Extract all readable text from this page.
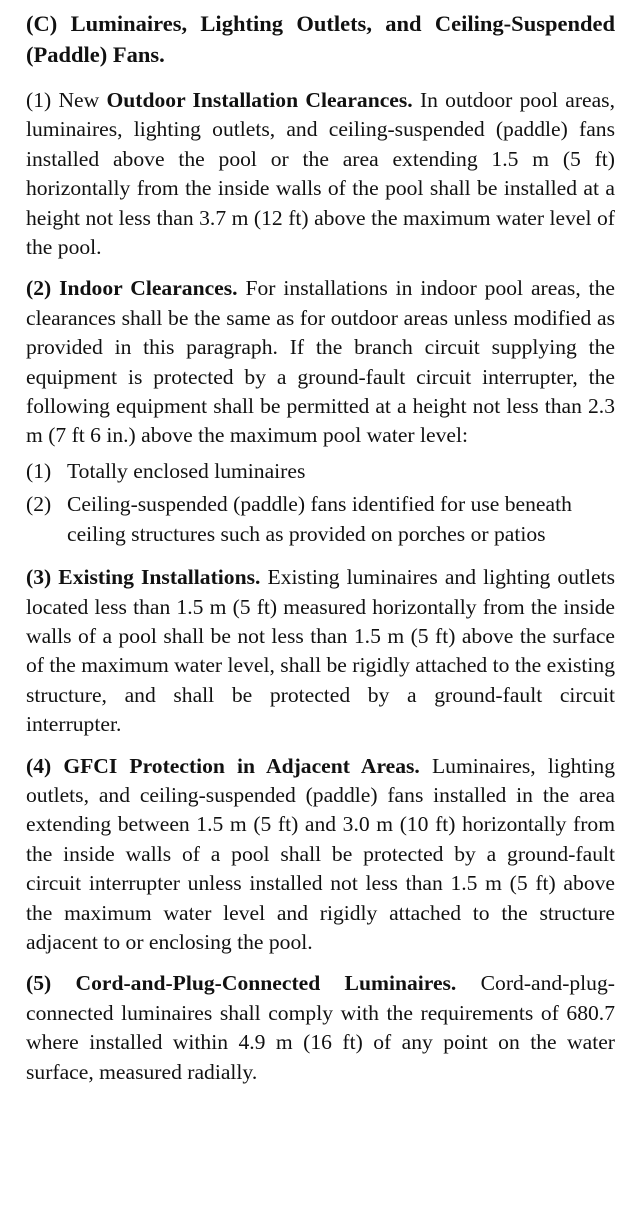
(C) Luminaires, Lighting Outlets, and Ceiling-Suspended (Paddle) Fans.

(1) New Outdoor Installation Clearances. In outdoor pool areas, luminaires, lighting outlets, and ceiling-suspended (paddle) fans installed above the pool or the area extending 1.5 m (5 ft) horizontally from the inside walls of the pool shall be installed at a height not less than 3.7 m (12 ft) above the maximum water level of the pool.

(2) Indoor Clearances. For installations in indoor pool areas, the clearances shall be the same as for outdoor areas unless modified as provided in this paragraph. If the branch circuit supplying the equipment is protected by a ground-fault circuit interrupter, the following equipment shall be permitted at a height not less than 2.3 m (7 ft 6 in.) above the maximum pool water level:

(1) Totally enclosed luminaires
(2) Ceiling-suspended (paddle) fans identified for use beneath ceiling structures such as provided on porches or patios

(3) Existing Installations. Existing luminaires and lighting outlets located less than 1.5 m (5 ft) measured horizontally from the inside walls of a pool shall be not less than 1.5 m (5 ft) above the surface of the maximum water level, shall be rigidly attached to the existing structure, and shall be protected by a ground-fault circuit interrupter.

(4) GFCI Protection in Adjacent Areas. Luminaires, lighting outlets, and ceiling-suspended (paddle) fans installed in the area extending between 1.5 m (5 ft) and 3.0 m (10 ft) horizontally from the inside walls of a pool shall be protected by a ground-fault circuit interrupter unless installed not less than 1.5 m (5 ft) above the maximum water level and rigidly attached to the structure adjacent to or enclosing the pool.

(5) Cord-and-Plug-Connected Luminaires. Cord-and-plug-connected luminaires shall comply with the requirements of 680.7 where installed within 4.9 m (16 ft) of any point on the water surface, measured radially.
